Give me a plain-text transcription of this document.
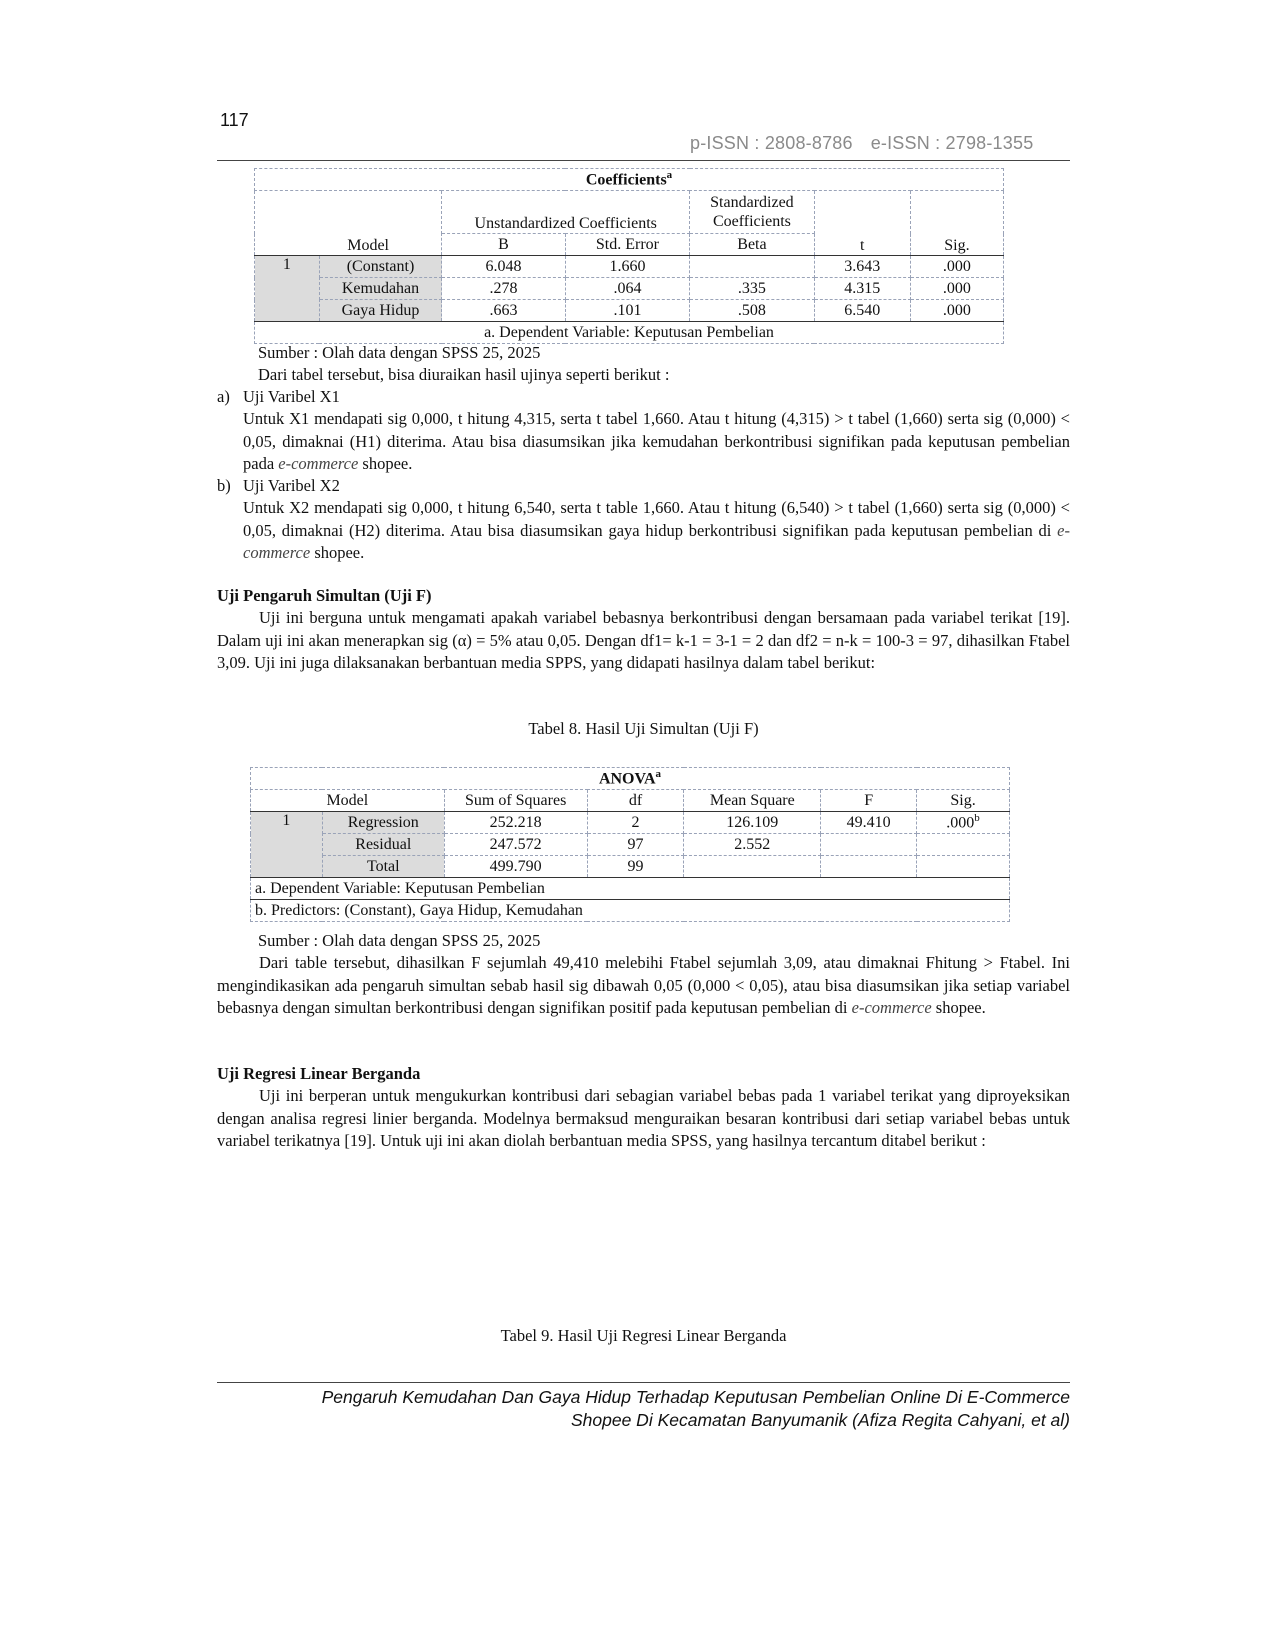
117
p-ISSN : 2808-8786 e-ISSN : 2798-1355
Coefficients$^a$
Model		Unstandardized Coefficients		Standardized Coefficients	t	Sig.
		B	Std. Error	Beta		
1	(Constant)	6.048	1.660		3.643	.000
	Kemudahan	.278	.064	.335	4.315	.000
	Gaya Hidup	.663	.101	.508	6.540	.000
a. Dependent Variable: Keputusan Pembelian						
Sumber : Olah data dengan SPSS 25, 2025
Dari tabel tersebut, bisa diuraikan hasil ujinya seperti berikut :
a) Uji Varibel X1
Untuk X1 mendapati sig 0,000, t hitung 4,315, serta t tabel 1,660. Atau t hitung (4,315) > t tabel (1,660) serta sig (0,000) < 0,05, dimaknai (H1) diterima. Atau bisa diasumsikan jika kemudahan berkontribusi signifikan pada keputusan pembelian pada e-commerce shopee.
b) Uji Varibel X2
Untuk X2 mendapati sig 0,000, t hitung 6,540, serta t table 1,660. Atau t hitung (6,540) > t tabel (1,660) serta sig (0,000) < 0,05, dimaknai (H2) diterima. Atau bisa diasumsikan gaya hidup berkontribusi signifikan pada keputusan pembelian di e-commerce shopee.
Uji Pengaruh Simultan (Uji F)
Uji ini berguna untuk mengamati apakah variabel bebasnya berkontribusi dengan bersamaan pada variabel terikat [19]. Dalam uji ini akan menerapkan sig (α) = 5% atau 0,05. Dengan df1= k-1 = 3-1 = 2 dan df2 = n-k = 100-3 = 97, dihasilkan Ftabel 3,09. Uji ini juga dilaksanakan berbantuan media SPPS, yang didapati hasilnya dalam tabel berikut:
Tabel 8. Hasil Uji Simultan (Uji F)
ANOVA$^a$
Model		Sum of Squares	df	Mean Square	F	Sig.
1	Regression	252.218	2	126.109	49.410	.000$^b$
	Residual	247.572	97	2.552		
	Total	499.790	99			
a. Dependent Variable: Keputusan Pembelian						
b. Predictors: (Constant), Gaya Hidup, Kemudahan						
Sumber : Olah data dengan SPSS 25, 2025
Dari table tersebut, dihasilkan F sejumlah 49,410 melebihi Ftabel sejumlah 3,09, atau dimaknai Fhitung > Ftabel. Ini mengindikasikan ada pengaruh simultan sebab hasil sig dibawah 0,05 (0,000 < 0,05), atau bisa diasumsikan jika setiap variabel bebasnya dengan simultan berkontribusi dengan signifikan positif pada keputusan pembelian di e-commerce shopee.
Uji Regresi Linear Berganda
Uji ini berperan untuk mengukurkan kontribusi dari sebagian variabel bebas pada 1 variabel terikat yang diproyeksikan dengan analisa regresi linier berganda. Modelnya bermaksud menguraikan besaran kontribusi dari setiap variabel bebas untuk variabel terikatnya [19]. Untuk uji ini akan diolah berbantuan media SPSS, yang hasilnya tercantum ditabel berikut :
Tabel 9. Hasil Uji Regresi Linear Berganda
Pengaruh Kemudahan Dan Gaya Hidup Terhadap Keputusan Pembelian Online Di E-Commerce
Shopee Di Kecamatan Banyumanik (Afiza Regita Cahyani, et al)
